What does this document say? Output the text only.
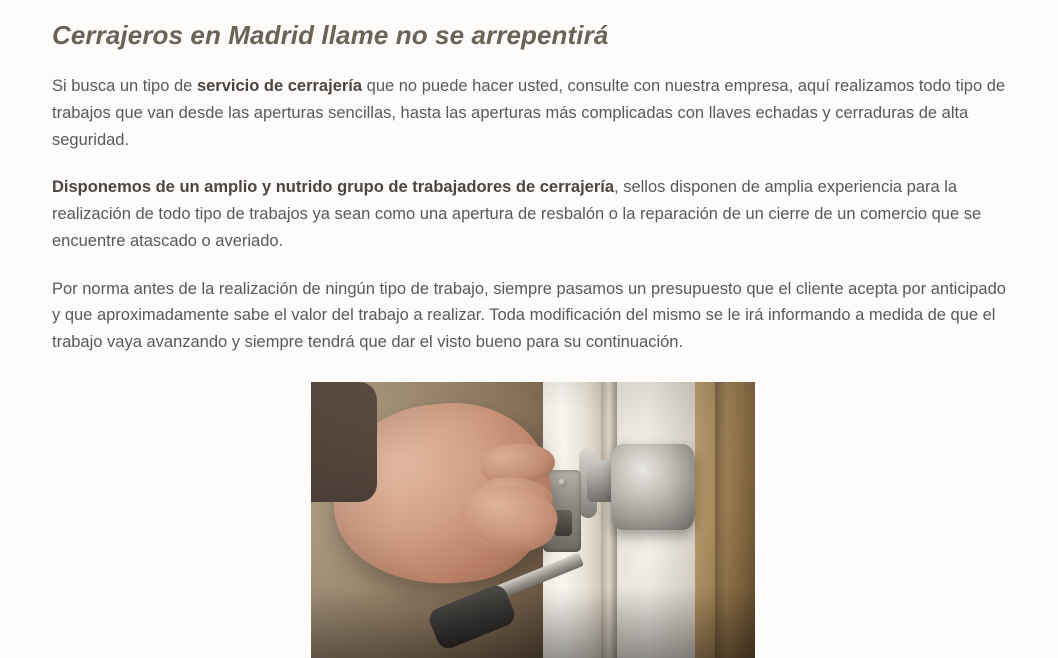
Cerrajeros en Madrid llame no se arrepentirá

Si busca un tipo de servicio de cerrajería que no puede hacer usted, consulte con nuestra empresa, aquí realizamos todo tipo de trabajos que van desde las aperturas sencillas, hasta las aperturas más complicadas con llaves echadas y cerraduras de alta seguridad.

Disponemos de un amplio y nutrido grupo de trabajadores de cerrajería, sellos disponen de amplia experiencia para la realización de todo tipo de trabajos ya sean como una apertura de resbalón o la reparación de un cierre de un comercio que se encuentre atascado o averiado.

Por norma antes de la realización de ningún tipo de trabajo, siempre pasamos un presupuesto que el cliente acepta por anticipado y que aproximadamente sabe el valor del trabajo a realizar. Toda modificación del mismo se le irá informando a medida de que el trabajo vaya avanzando y siempre tendrá que dar el visto bueno para su continuación.
